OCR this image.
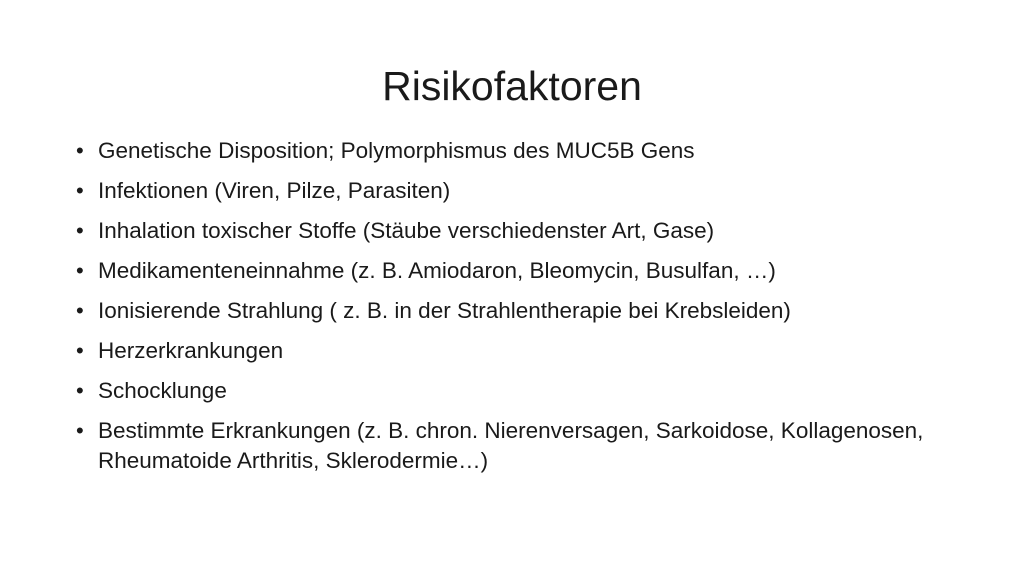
Risikofaktoren
• Genetische Disposition; Polymorphismus des MUC5B Gens
• Infektionen (Viren, Pilze, Parasiten)
• Inhalation toxischer Stoffe (Stäube verschiedenster Art, Gase)
• Medikamenteneinnahme (z. B. Amiodaron, Bleomycin, Busulfan, …)
• Ionisierende Strahlung ( z. B. in der Strahlentherapie bei Krebsleiden)
• Herzerkrankungen
• Schocklunge
• Bestimmte Erkrankungen (z. B. chron. Nierenversagen, Sarkoidose, Kollagenosen, Rheumatoide Arthritis, Sklerodermie…)
